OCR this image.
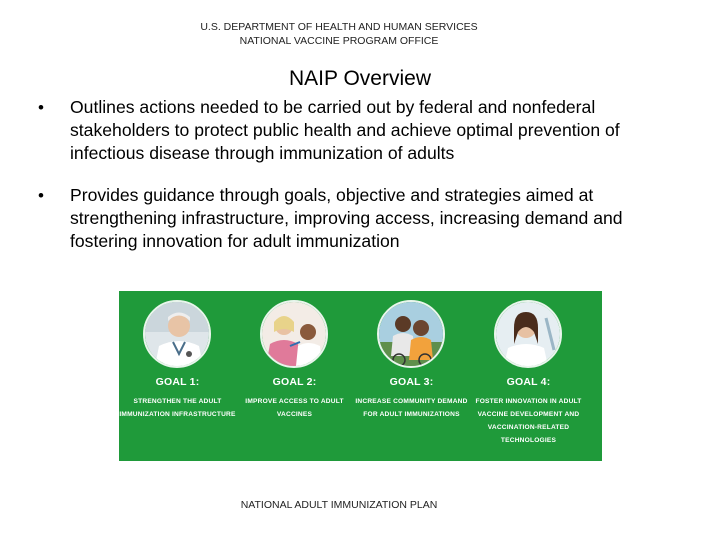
U.S. DEPARTMENT OF HEALTH AND HUMAN SERVICES
NATIONAL VACCINE PROGRAM OFFICE
NAIP Overview
• Outlines actions needed to be carried out by federal and nonfederal stakeholders to protect public health and achieve optimal prevention of infectious disease through immunization of adults
• Provides guidance through goals, objective and strategies aimed at strengthening infrastructure, improving access, increasing demand and fostering innovation for adult immunization
GOAL 1:
STRENGTHEN THE ADULT IMMUNIZATION INFRASTRUCTURE
GOAL 2:
IMPROVE ACCESS TO ADULT VACCINES
GOAL 3:
INCREASE COMMUNITY DEMAND FOR ADULT IMMUNIZATIONS
GOAL 4:
FOSTER INNOVATION IN ADULT VACCINE DEVELOPMENT AND VACCINATION-RELATED TECHNOLOGIES
NATIONAL ADULT IMMUNIZATION PLAN
